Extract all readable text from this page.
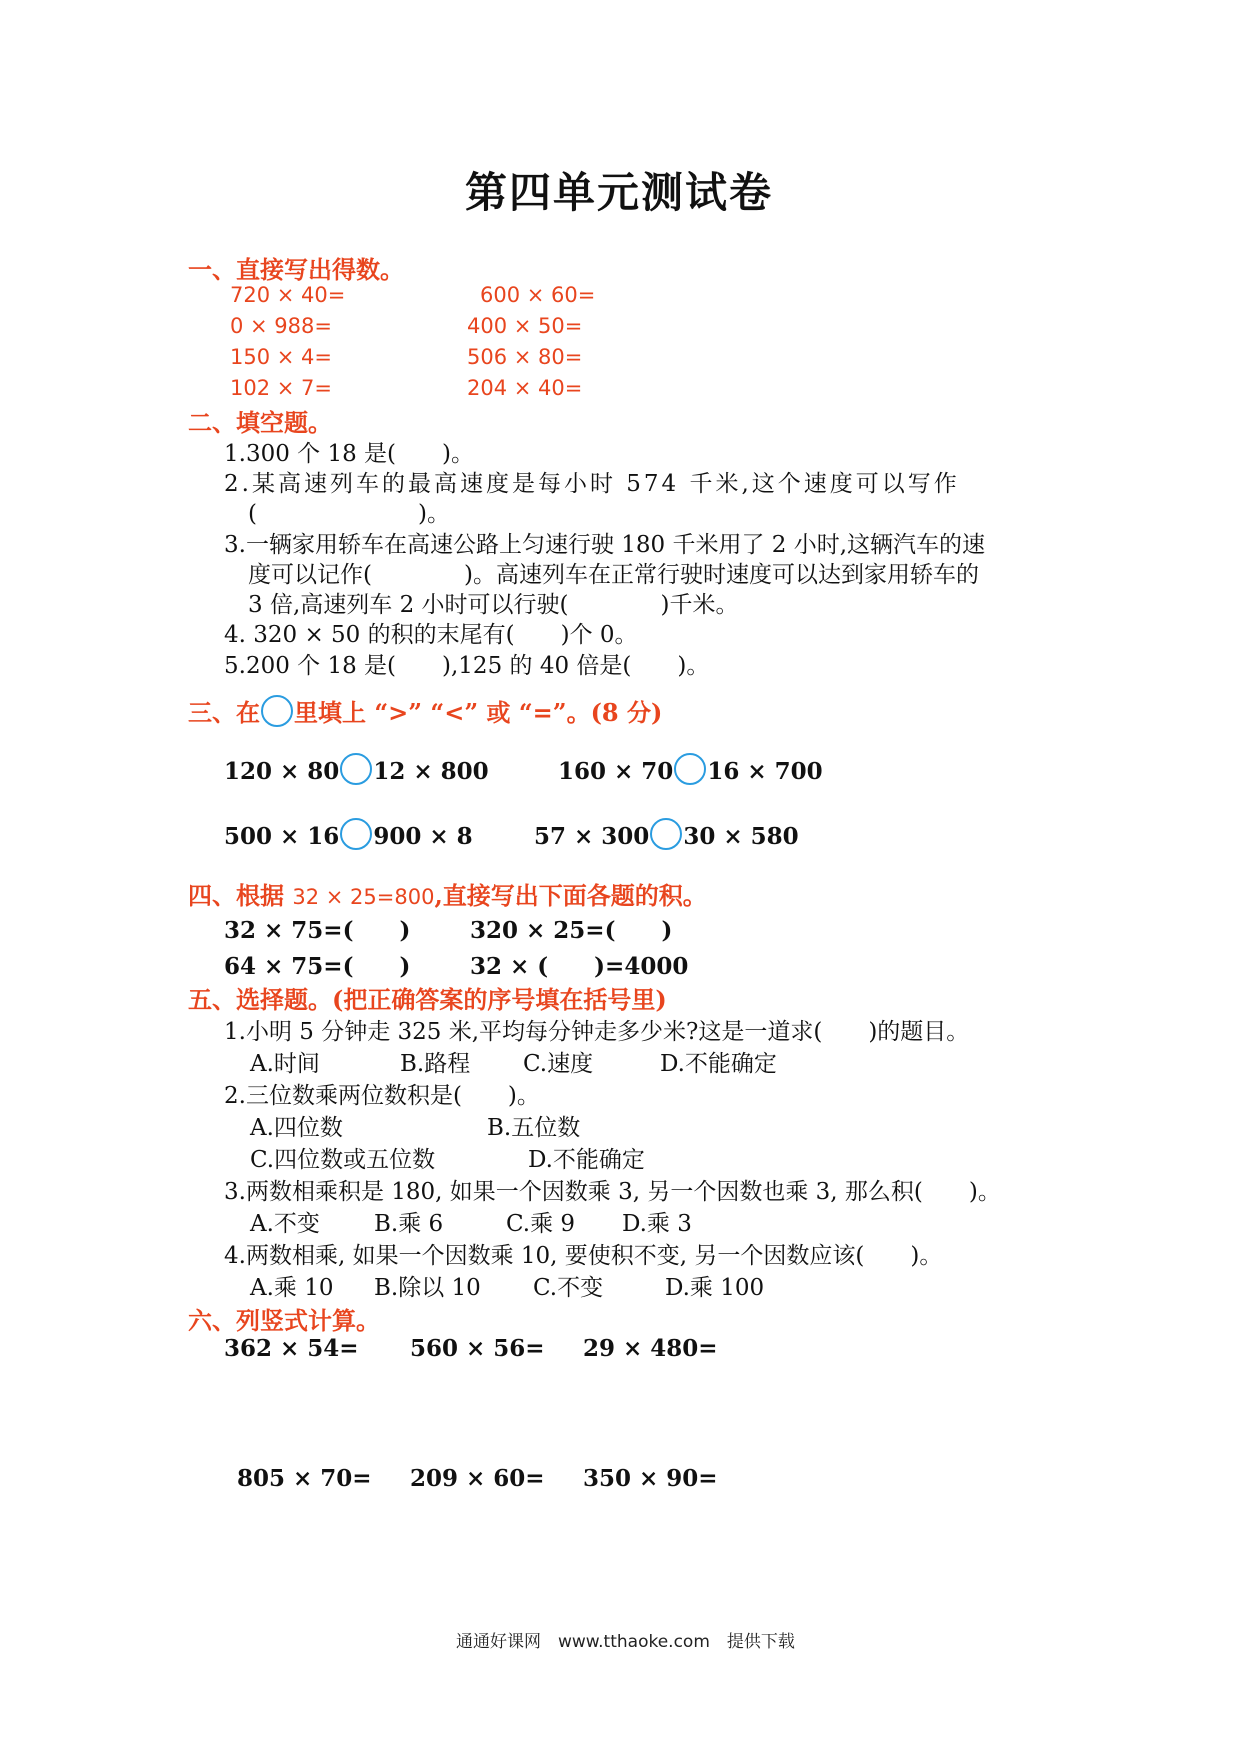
第四单元测试卷
一、直接写出得数。
720 × 40=	600 × 60=
0 × 988=	400 × 50=
150 × 4=	506 × 80=
102 × 7=	204 × 40=
二、填空题。
1.300 个 18 是(　　)。
2.某高速列车的最高速度是每小时 574 千米,这个速度可以写作
(　　　　　　　)。
3.一辆家用轿车在高速公路上匀速行驶 180 千米用了 2 小时,这辆汽车的速
度可以记作(　　　　)。高速列车在正常行驶时速度可以达到家用轿车的
3 倍,高速列车 2 小时可以行驶(　　　　)千米。
4. 320 × 50 的积的末尾有(　　)个 0。
5.200 个 18 是(　　),125 的 40 倍是(　　)。
三、在 里填上 “>” “<” 或 “=”。(8 分)
120 × 80 12 × 800	160 × 70 16 × 700
500 × 16 900 × 8	57 × 300 30 × 580
四、根据 32 × 25=800,直接写出下面各题的积。
32 × 75=(　　)	320 × 25=(　　)
64 × 75=(　　)	32 × (　　)=4000
五、选择题。(把正确答案的序号填在括号里)
1.小明 5 分钟走 325 米,平均每分钟走多少米?这是一道求(　　)的题目。
A.时间	B.路程 C.速度	D.不能确定
2.三位数乘两位数积是(　　)。
A.四位数	B.五位数
C.四位数或五位数	D.不能确定
3.两数相乘积是 180, 如果一个因数乘 3, 另一个因数也乘 3, 那么积(　　)。
A.不变 B.乘 6	C.乘 9 D.乘 3
4.两数相乘, 如果一个因数乘 10, 要使积不变, 另一个因数应该(　　)。
A.乘 10 B.除以 10 C.不变	D.乘 100
六、列竖式计算。
362 × 54= 560 × 56= 29 × 480=
805 × 70= 209 × 60= 350 × 90=
通通好课网　www.tthaoke.com　提供下载
